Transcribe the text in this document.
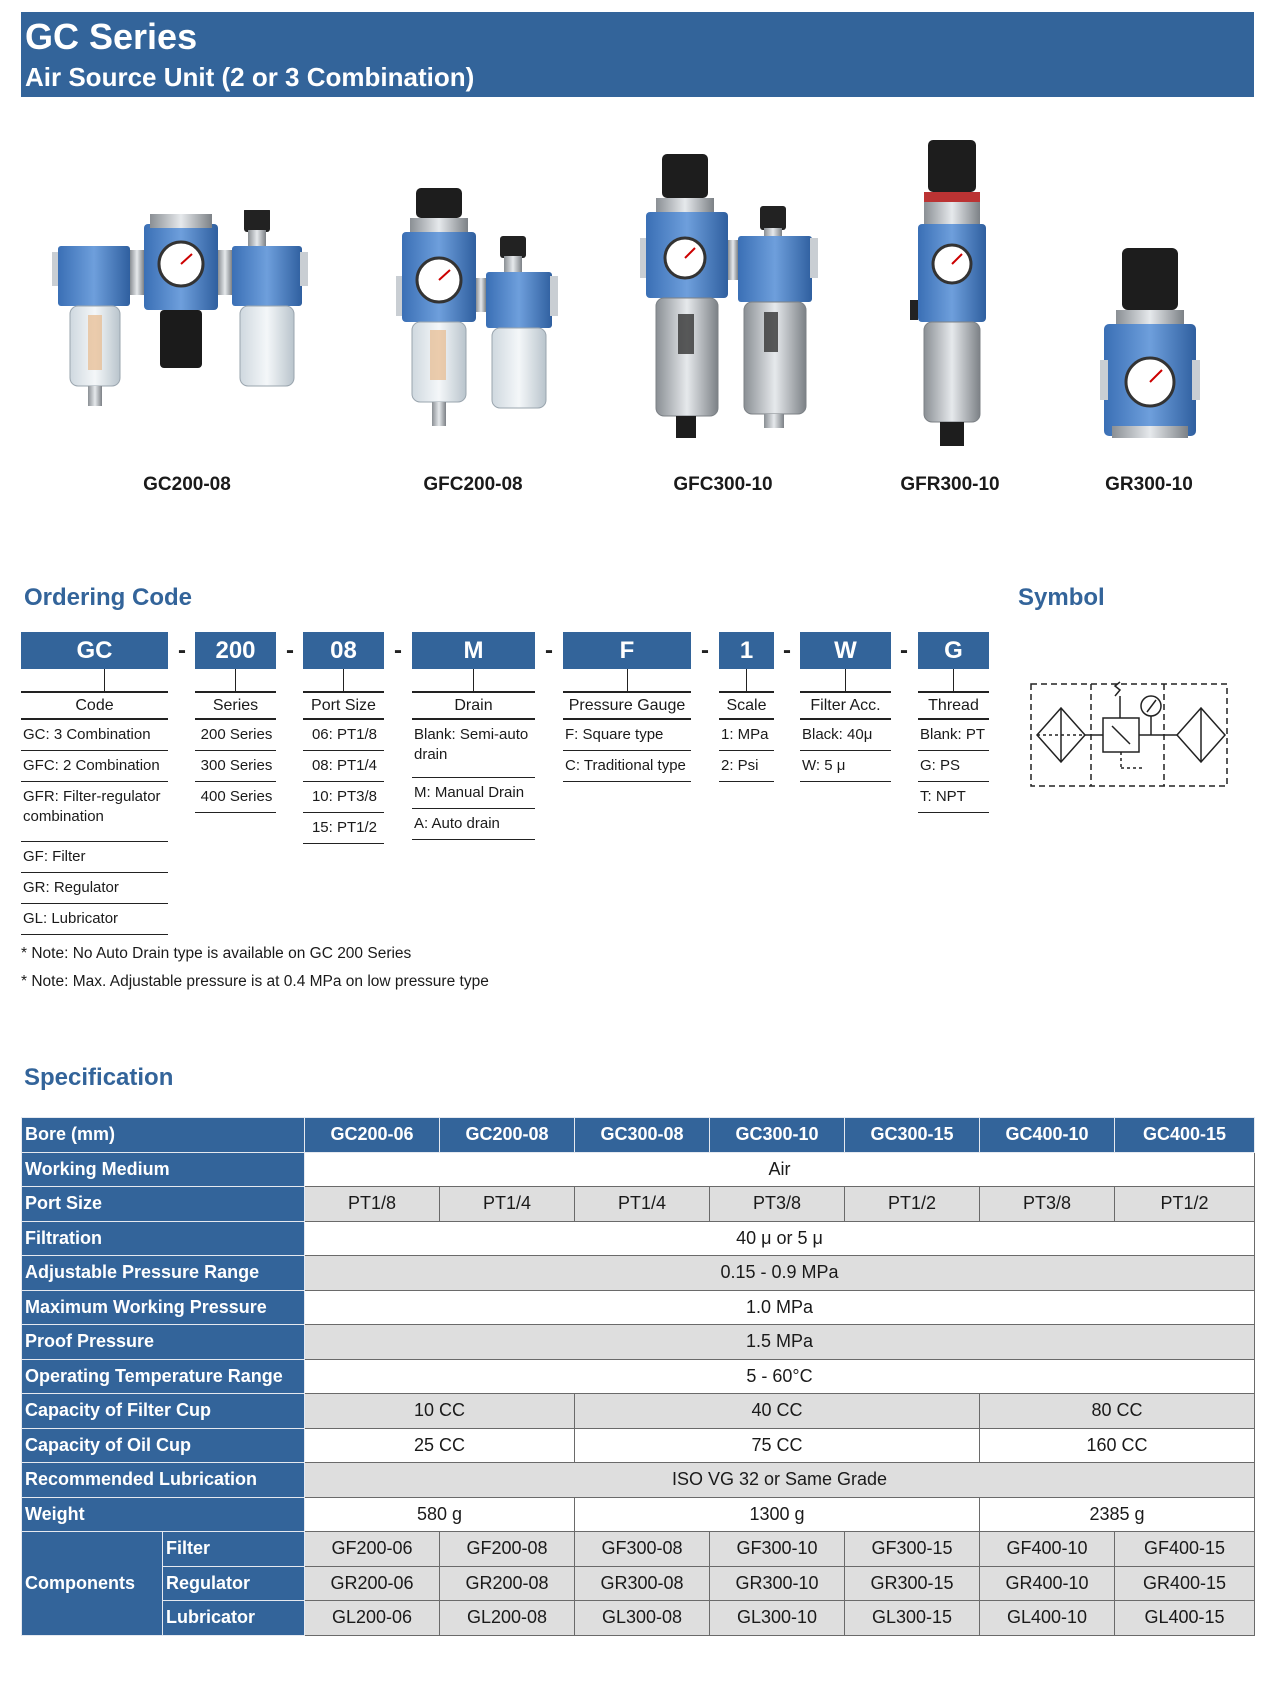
GC Series
Air Source Unit (2 or 3 Combination)
GC200-08	GFC200-08	GFC300-10	GFR300-10	GR300-10
Ordering Code	Symbol
GC	-	200	-	08	-	M	-	F	-	1	-	W	-	G
Code
GC: 3 Combination
GFC: 2 Combination
GFR: Filter-regulator combination
GF: Filter
GR: Regulator
GL: Lubricator
Series
200 Series
300 Series
400 Series
Port Size
06: PT1/8
08: PT1/4
10: PT3/8
15: PT1/2
Drain
Blank: Semi-auto drain
M: Manual Drain
A: Auto drain
Pressure Gauge
F: Square type
C: Traditional type
Scale
1: MPa
2: Psi
Filter Acc.
Black: 40μ
W: 5 μ
Thread
Blank: PT
G: PS
T: NPT
* Note: No Auto Drain type is available on GC 200 Series
* Note: Max. Adjustable pressure is at 0.4 MPa on low pressure type
Specification
Bore (mm)		GC200-06	GC200-08	GC300-08	GC300-10	GC300-15	GC400-10	GC400-15
Working Medium		Air						
Port Size		PT1/8	PT1/4	PT1/4	PT3/8	PT1/2	PT3/8	PT1/2
Filtration		40 μ or 5 μ						
Adjustable Pressure Range		0.15 - 0.9 MPa						
Maximum Working Pressure		1.0 MPa						
Proof Pressure		1.5 MPa						
Operating Temperature Range		5 - 60°C						
Capacity of Filter Cup		10 CC		40 CC			80 CC	
Capacity of Oil Cup		25 CC		75 CC			160 CC	
Recommended Lubrication		ISO VG 32 or Same Grade						
Weight		580 g		1300 g			2385 g	
Components	Filter	GF200-06	GF200-08	GF300-08	GF300-10	GF300-15	GF400-10	GF400-15
	Regulator	GR200-06	GR200-08	GR300-08	GR300-10	GR300-15	GR400-10	GR400-15
	Lubricator	GL200-06	GL200-08	GL300-08	GL300-10	GL300-15	GL400-10	GL400-15
